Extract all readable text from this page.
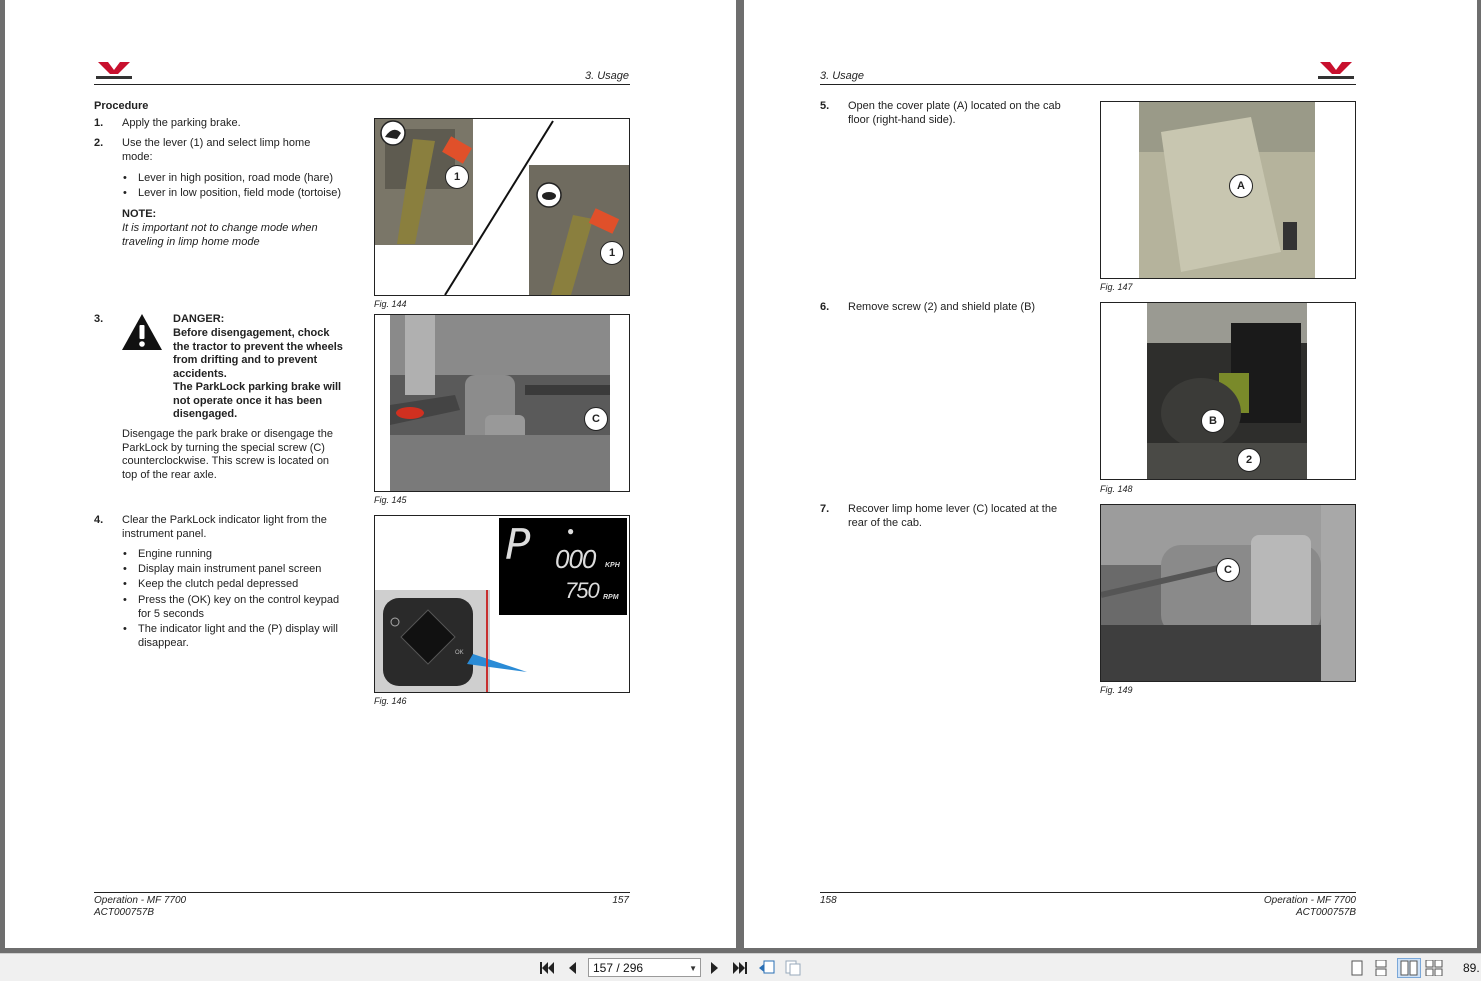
3. Usage
Procedure
1. Apply the parking brake.
2. Use the lever (1) and select limp home mode:
• Lever in high position, road mode (hare)
• Lever in low position, field mode (tortoise)
NOTE:
It is important not to change mode when traveling in limp home mode
1
1
Fig. 144
3.	DANGER:
Before disengagement, chock the tractor to prevent the wheels from drifting and to prevent accidents.
The ParkLock parking brake will not operate once it has been disengaged.
Disengage the park brake or disengage the ParkLock by turning the special screw (C) counterclockwise. This screw is located on top of the rear axle.
C
Fig. 145
4. Clear the ParkLock indicator light from the instrument panel.
• Engine running
• Display main instrument panel screen
• Keep the clutch pedal depressed
• Press the (OK) key on the control keypad for 5 seconds
• The indicator light and the (P) display will disappear.
P	●
000 KPH
750 RPM
OK
Fig. 146
Operation - MF 7700
ACT000757B
157
3. Usage
5. Open the cover plate (A) located on the cab floor (right-hand side).
A
Fig. 147
6. Remove screw (2) and shield plate (B)
B
2
Fig. 148
7. Recover limp home lever (C) located at the rear of the cab.
C
Fig. 149
158	Operation - MF 7700
ACT000757B
157 / 296	▼	89.
